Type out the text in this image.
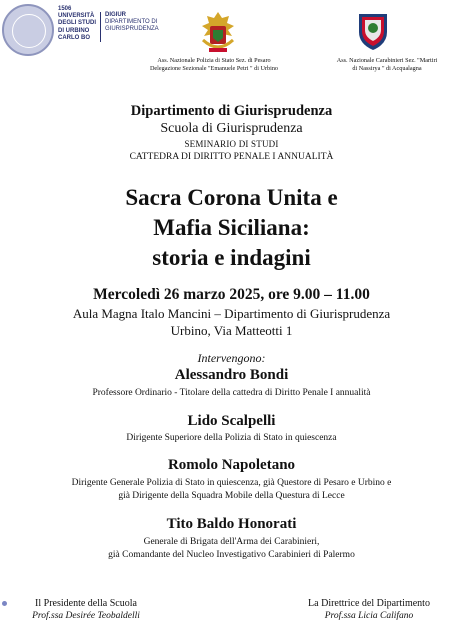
1506
UNIVERSITÀ
DEGLI STUDI
DI URBINO
CARLO BO
DIGIUR
DIPARTIMENTO DI
GIURISPRUDENZA
Ass. Nazionale Polizia di Stato Sez. di Pesaro
Delegazione Sezionale "Emanuele Petri " di Urbino
Ass. Nazionale Carabinieri Sez. "Martiri
di Nassirya " di Acqualagna
Dipartimento di Giurisprudenza
Scuola di Giurisprudenza
SEMINARIO DI STUDI
CATTEDRA DI DIRITTO PENALE I ANNUALITÀ
Sacra Corona Unita e
Mafia Siciliana:
storia e indagini
Mercoledì 26 marzo 2025, ore 9.00 – 11.00
Aula Magna Italo Mancini – Dipartimento di Giurisprudenza
Urbino, Via Matteotti 1
Intervengono:
Alessandro Bondi
Professore Ordinario - Titolare della cattedra di Diritto Penale I annualità
Lido Scalpelli
Dirigente Superiore della Polizia di Stato in quiescenza
Romolo Napoletano
Dirigente Generale Polizia di Stato in quiescenza, già Questore di Pesaro e Urbino e
già Dirigente della Squadra Mobile della Questura di Lecce
Tito Baldo Honorati
Generale di Brigata dell'Arma dei Carabinieri,
già Comandante del Nucleo Investigativo Carabinieri di Palermo
Il Presidente della Scuola
Prof.ssa Desirée Teobaldelli
La Direttrice del Dipartimento
Prof.ssa Licia Califano
